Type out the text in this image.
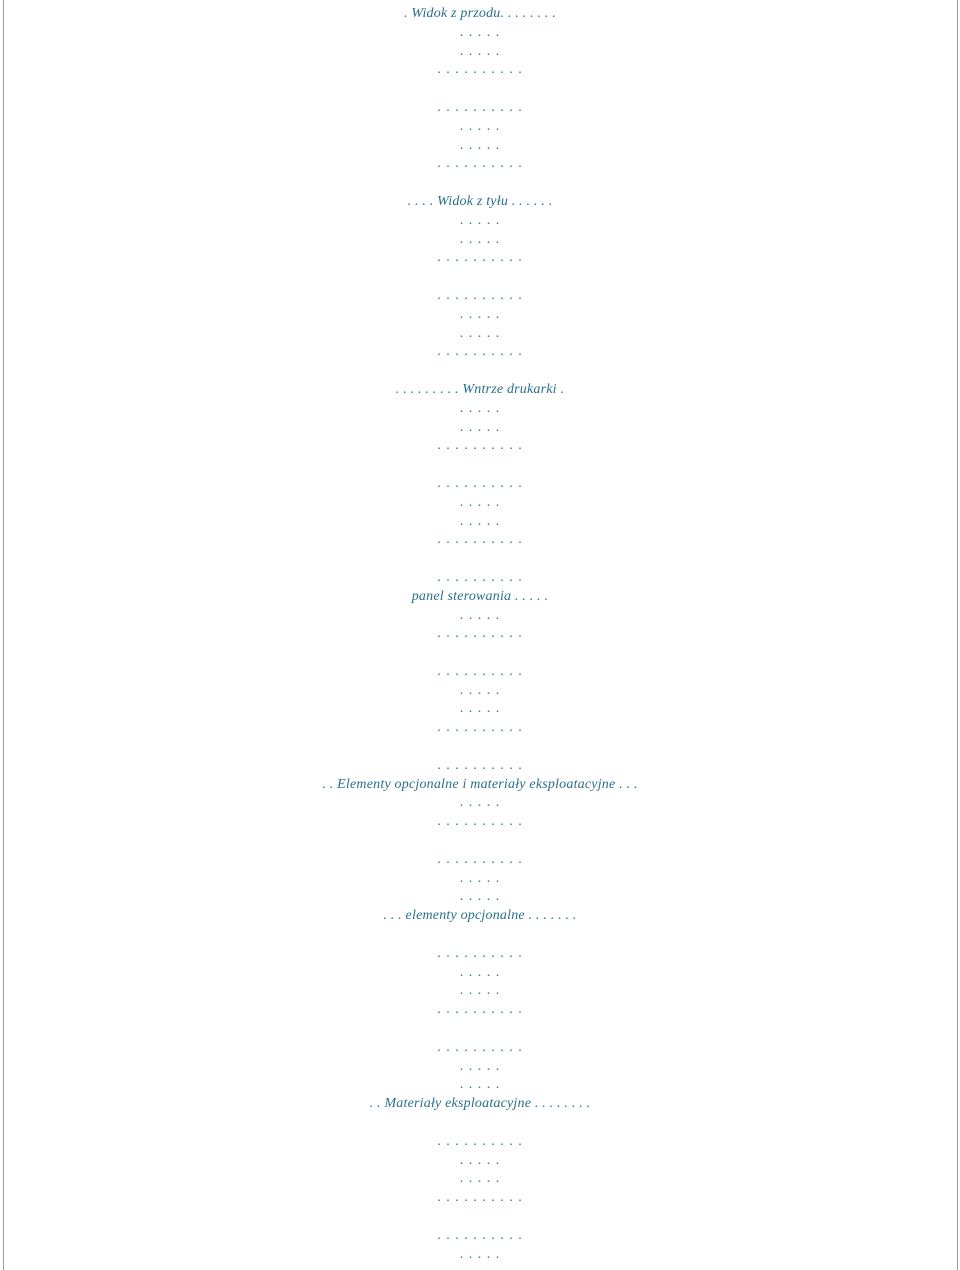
. Widok z przodu. . . . . . . .
. . . . .
. . . . .
. . . . . . . . . .
. . . . . . . . . .
. . . . .
. . . . .
. . . . . . . . . .
. . . . Widok z tyłu . . . . . .
. . . . .
. . . . .
. . . . . . . . . .
. . . . . . . . . .
. . . . .
. . . . .
. . . . . . . . . .
. . . . . . . . . Wntrze drukarki .
. . . . .
. . . . .
. . . . . . . . . .
. . . . . . . . . .
. . . . .
. . . . .
. . . . . . . . . .
. . . . . . . . . .
panel sterowania . . . . .
. . . . .
. . . . . . . . . .
. . . . . . . . . .
. . . . .
. . . . .
. . . . . . . . . .
. . . . . . . . . .
. . Elementy opcjonalne i materiały eksploatacyjne . . .
. . . . .
. . . . . . . . . .
. . . . . . . . . .
. . . . .
. . . . .
. . . elementy opcjonalne . . . . . . .
. . . . . . . . . .
. . . . .
. . . . .
. . . . . . . . . .
. . . . . . . . . .
. . . . .
. . . . .
. . Materiały eksploatacyjne . . . . . . . .
. . . . . . . . . .
. . . . .
. . . . .
. . . . . . . . . .
. . . . . . . . . .
. . . . .
